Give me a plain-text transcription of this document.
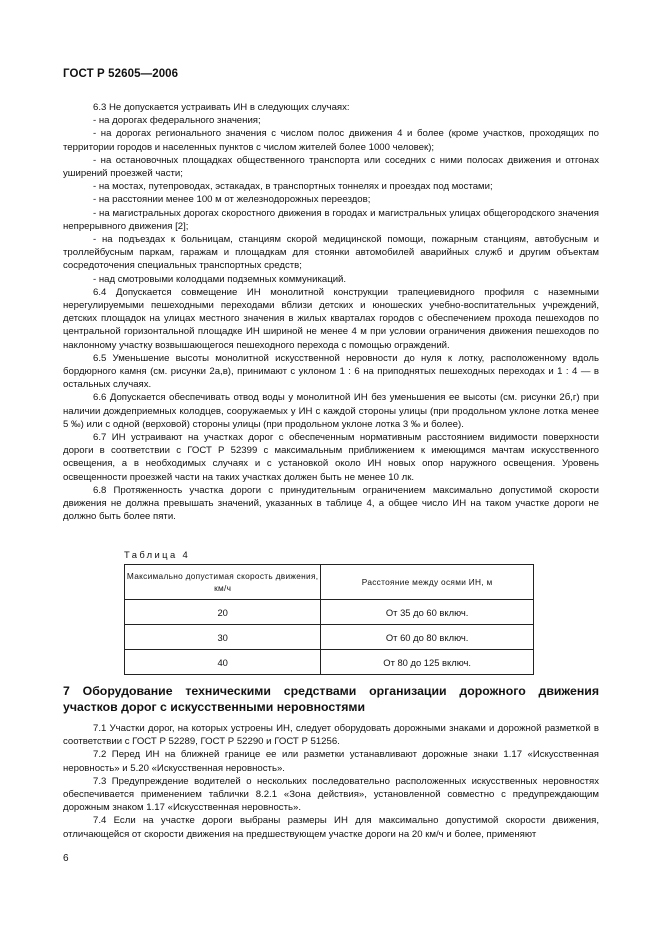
ГОСТ Р 52605—2006

6.3 Не допускается устраивать ИН в следующих случаях:

- на дорогах федерального значения;

- на дорогах регионального значения с числом полос движения 4 и более (кроме участков, проходящих по территории городов и населенных пунктов с числом жителей более 1000 человек);

- на остановочных площадках общественного транспорта или соседних с ними полосах движения и отгонах уширений проезжей части;

- на мостах, путепроводах, эстакадах, в транспортных тоннелях и проездах под мостами;

- на расстоянии менее 100 м от железнодорожных переездов;

- на магистральных дорогах скоростного движения в городах и магистральных улицах общегородского значения непрерывного движения [2];

- на подъездах к больницам, станциям скорой медицинской помощи, пожарным станциям, автобусным и троллейбусным паркам, гаражам и площадкам для стоянки автомобилей аварийных служб и другим объектам сосредоточения специальных транспортных средств;

- над смотровыми колодцами подземных коммуникаций.

6.4 Допускается совмещение ИН монолитной конструкции трапециевидного профиля с наземными нерегулируемыми пешеходными переходами вблизи детских и юношеских учебно-воспитательных учреждений, детских площадок на улицах местного значения в жилых кварталах городов с обеспечением прохода пешеходов по центральной горизонтальной площадке ИН шириной не менее 4 м при условии ограничения движения пешеходов по наклонному участку возвышающегося пешеходного перехода с помощью ограждений.

6.5 Уменьшение высоты монолитной искусственной неровности до нуля к лотку, расположенному вдоль бордюрного камня (см. рисунки 2а,в), принимают с уклоном 1 : 6 на приподнятых пешеходных переходах и 1 : 4 — в остальных случаях.

6.6 Допускается обеспечивать отвод воды у монолитной ИН без уменьшения ее высоты (см. рисунки 2б,г) при наличии дождеприемных колодцев, сооружаемых у ИН с каждой стороны улицы (при продольном уклоне лотка менее 5 ‰) или с одной (верховой) стороны улицы (при продольном уклоне лотка 3 ‰ и более).

6.7 ИН устраивают на участках дорог с обеспеченным нормативным расстоянием видимости поверхности дороги в соответствии с ГОСТ Р 52399 с максимальным приближением к имеющимся мачтам искусственного освещения, а в необходимых случаях и с установкой около ИН новых опор наружного освещения. Уровень освещенности проезжей части на таких участках должен быть не менее 10 лк.

6.8 Протяженность участка дороги с принудительным ограничением максимально допустимой скорости движения не должна превышать значений, указанных в таблице 4, а общее число ИН на таком участке дороги не должно быть более пяти.

Таблица 4
Максимально допустимая скорость движения, км/ч	Расстояние между осями ИН, м
20	От 35 до 60 включ.
30	От 60 до 80 включ.
40	От 80 до 125 включ.
7 Оборудование техническими средствами организации дорожного движения участков дорог с искусственными неровностями

7.1 Участки дорог, на которых устроены ИН, следует оборудовать дорожными знаками и дорожной разметкой в соответствии с ГОСТ Р 52289, ГОСТ Р 52290 и ГОСТ Р 51256.

7.2 Перед ИН на ближней границе ее или разметки устанавливают дорожные знаки 1.17 «Искусственная неровность» и 5.20 «Искусственная неровность».

7.3 Предупреждение водителей о нескольких последовательно расположенных искусственных неровностях обеспечивается применением таблички 8.2.1 «Зона действия», установленной совместно с предупреждающим дорожным знаком 1.17 «Искусственная неровность».

7.4 Если на участке дороги выбраны размеры ИН для максимально допустимой скорости движения, отличающейся от скорости движения на предшествующем участке дороги на 20 км/ч и более, применяют

6
